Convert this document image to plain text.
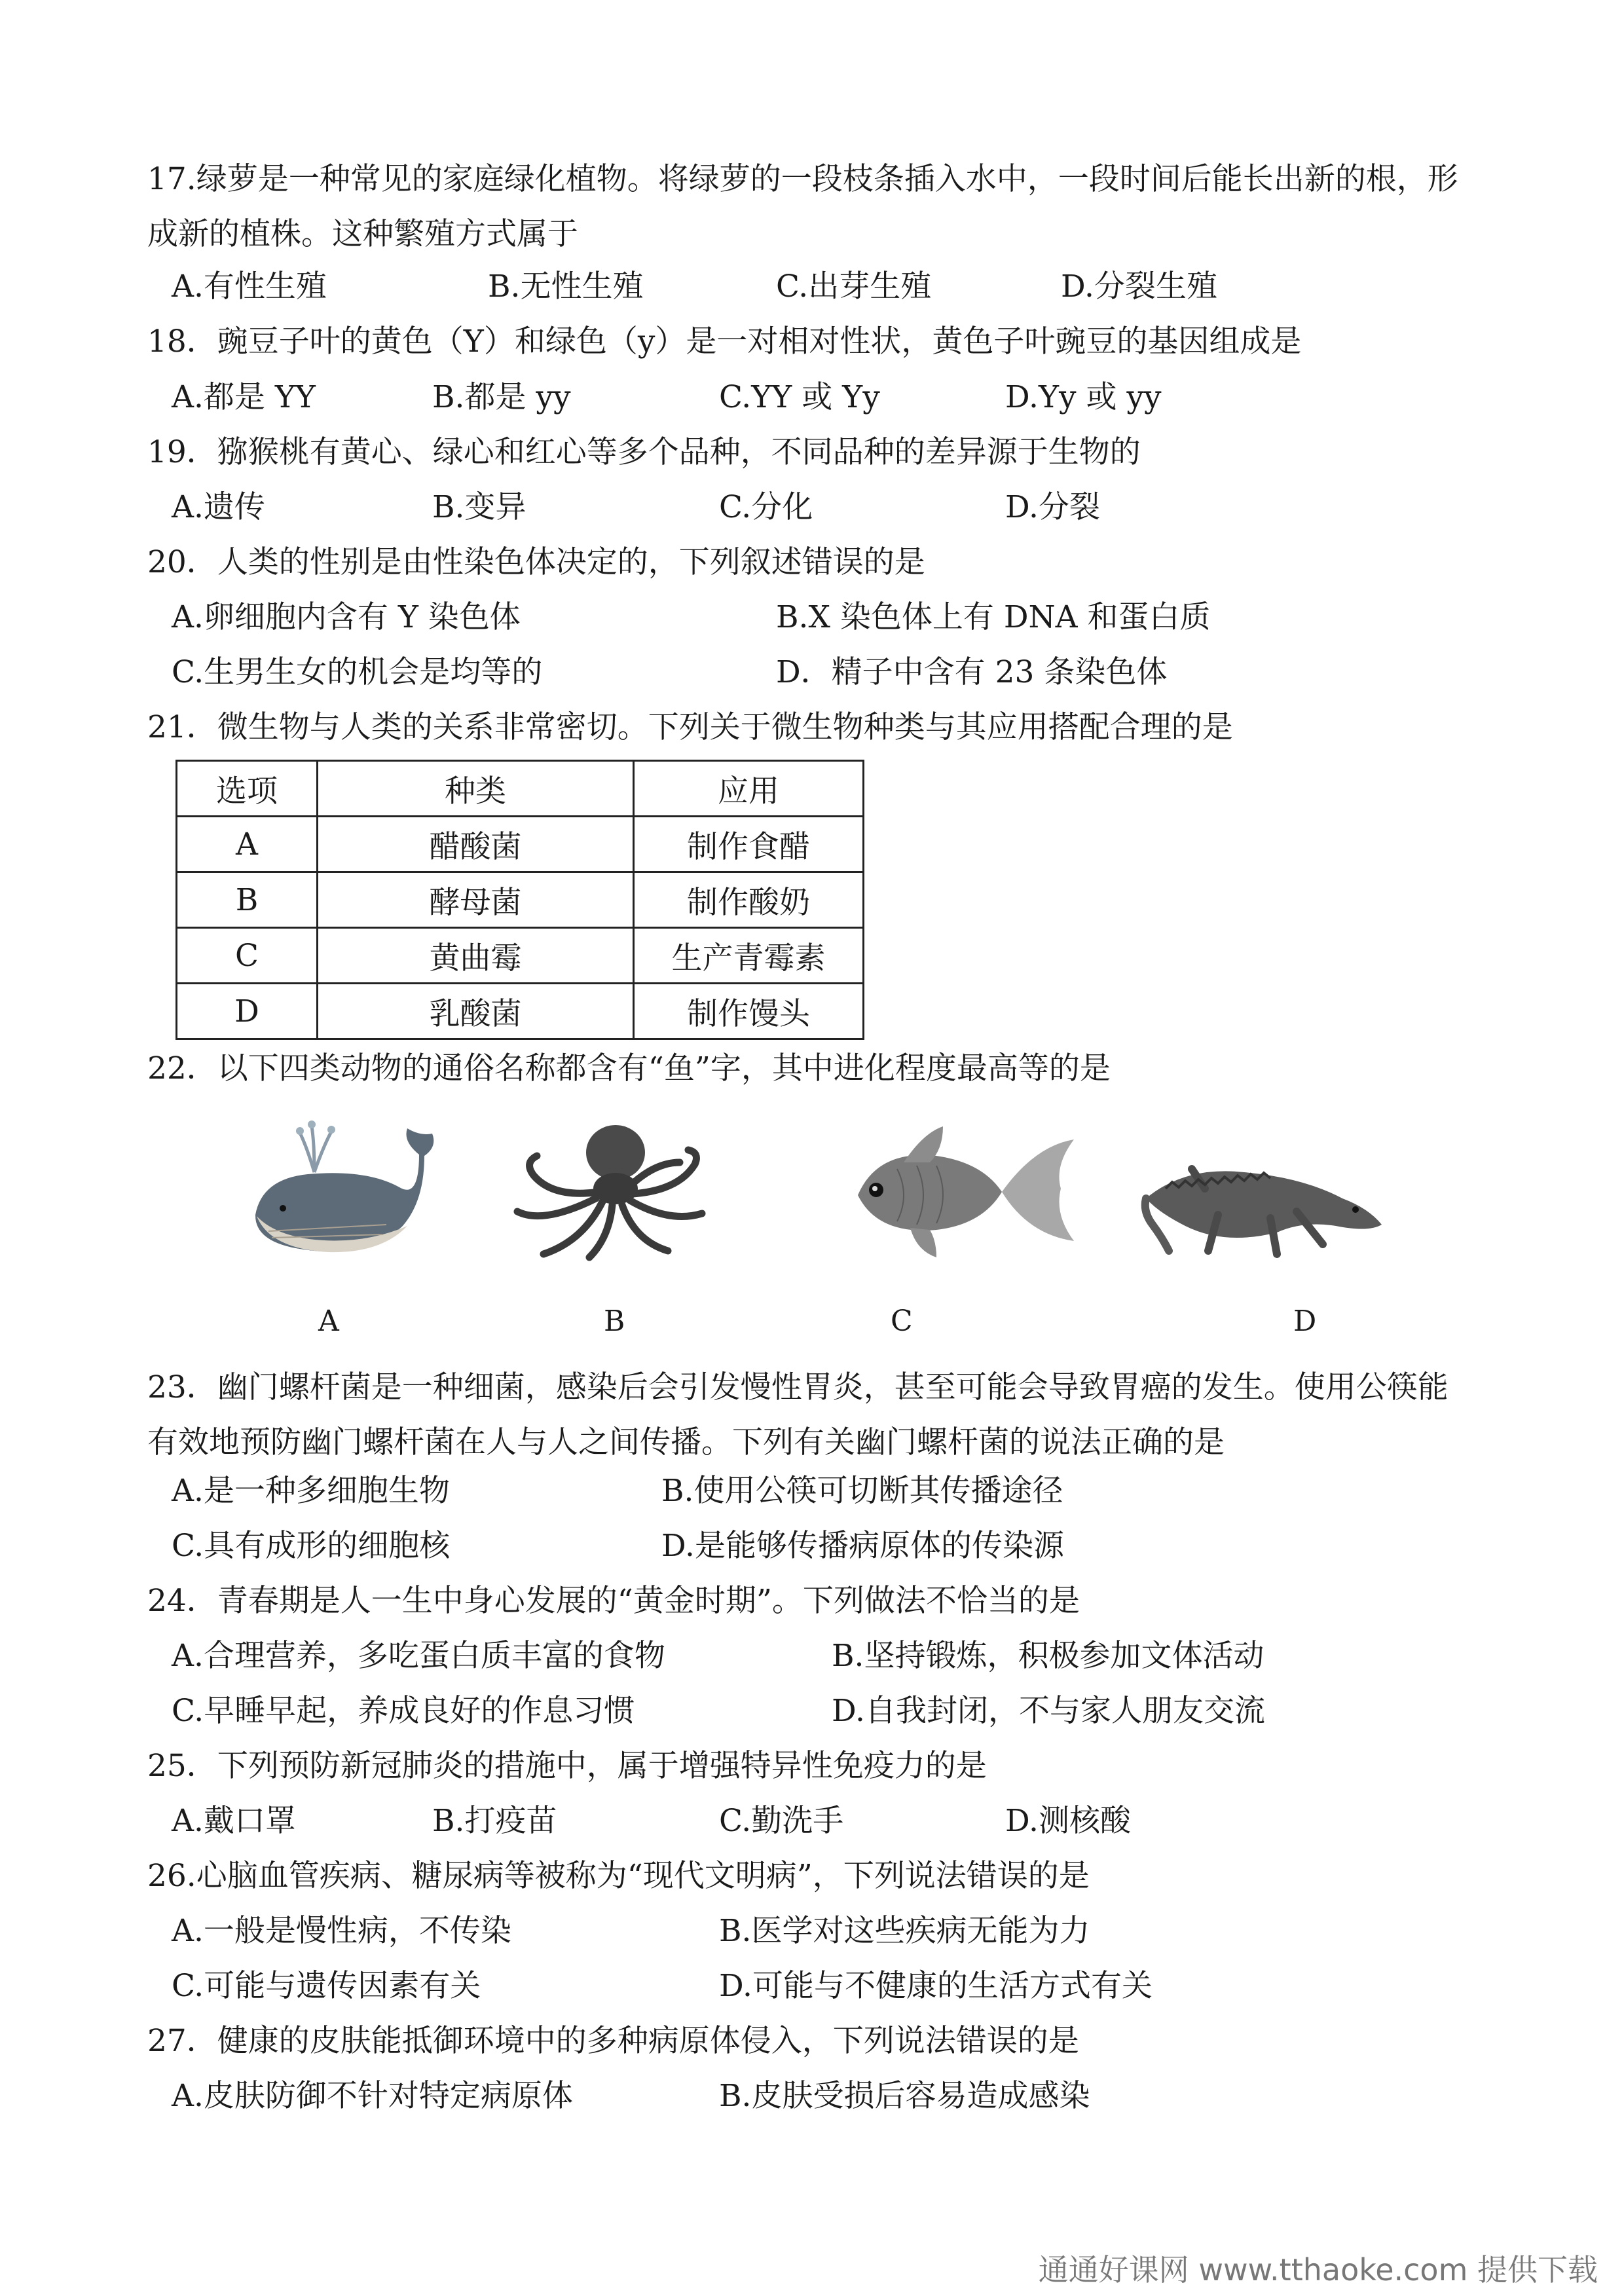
17.绿萝是一种常见的家庭绿化植物。将绿萝的一段枝条插入水中，一段时间后能长出新的根，形成新的植株。这种繁殖方式属于
A.有性生殖	B.无性生殖	C.出芽生殖	D.分裂生殖
18．豌豆子叶的黄色（Y）和绿色（y）是一对相对性状，黄色子叶豌豆的基因组成是
A.都是 YY	B.都是 yy	C.YY 或 Yy	D.Yy 或 yy
19．猕猴桃有黄心、绿心和红心等多个品种，不同品种的差异源于生物的
A.遗传	B.变异	C.分化	D.分裂
20．人类的性别是由性染色体决定的，下列叙述错误的是
A.卵细胞内含有 Y 染色体	B.X 染色体上有 DNA 和蛋白质
C.生男生女的机会是均等的	D．精子中含有 23 条染色体
21．微生物与人类的关系非常密切。下列关于微生物种类与其应用搭配合理的是
选项	种类	应用
A	醋酸菌	制作食醋
B	酵母菌	制作酸奶
C	黄曲霉	生产青霉素
D	乳酸菌	制作馒头
22．以下四类动物的通俗名称都含有“鱼”字，其中进化程度最高等的是
A	B	C	D
23．幽门螺杆菌是一种细菌，感染后会引发慢性胃炎，甚至可能会导致胃癌的发生。使用公筷能有效地预防幽门螺杆菌在人与人之间传播。下列有关幽门螺杆菌的说法正确的是
A.是一种多细胞生物	B.使用公筷可切断其传播途径
C.具有成形的细胞核	D.是能够传播病原体的传染源
24．青春期是人一生中身心发展的“黄金时期”。下列做法不恰当的是
A.合理营养，多吃蛋白质丰富的食物	B.坚持锻炼，积极参加文体活动
C.早睡早起，养成良好的作息习惯	D.自我封闭，不与家人朋友交流
25．下列预防新冠肺炎的措施中，属于增强特异性免疫力的是
A.戴口罩	B.打疫苗	C.勤洗手	D.测核酸
26.心脑血管疾病、糖尿病等被称为“现代文明病”，下列说法错误的是
A.一般是慢性病，不传染	B.医学对这些疾病无能为力
C.可能与遗传因素有关	D.可能与不健康的生活方式有关
27．健康的皮肤能抵御环境中的多种病原体侵入，下列说法错误的是
A.皮肤防御不针对特定病原体	B.皮肤受损后容易造成感染
通通好课网 www.tthaoke.com 提供下载
